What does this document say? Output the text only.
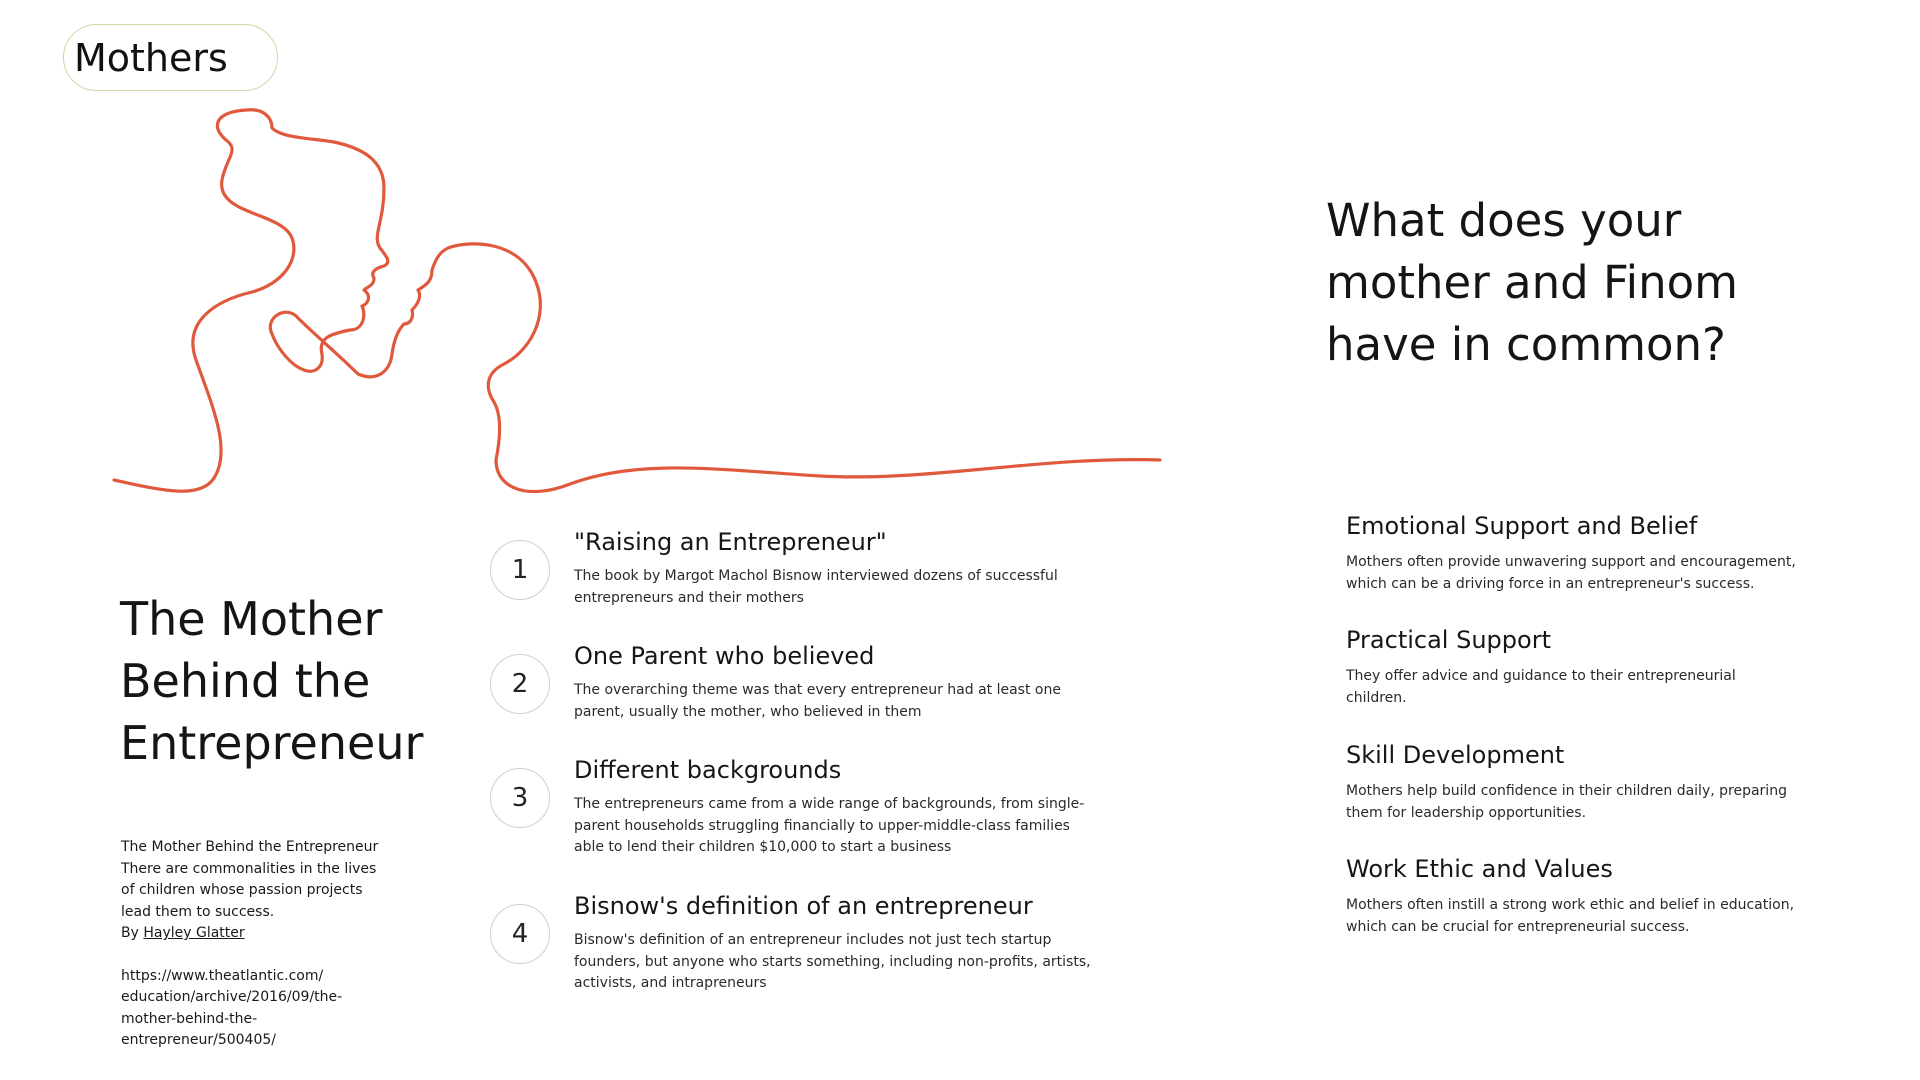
Mothers
What does your
mother and Finom
have in common?
The Mother
Behind the
Entrepreneur

The Mother Behind the Entrepreneur
There are commonalities in the lives
of children whose passion projects
lead them to success.
By Hayley Glatter

https://www.theatlantic.com/
education/archive/2016/09/the-
mother-behind-the-
entrepreneur/500405/

1
"Raising an Entrepreneur"

The book by Margot Machol Bisnow interviewed dozens of successful
entrepreneurs and their mothers

2
One Parent who believed

The overarching theme was that every entrepreneur had at least one
parent, usually the mother, who believed in them

3
Different backgrounds

The entrepreneurs came from a wide range of backgrounds, from single-
parent households struggling financially to upper-middle-class families
able to lend their children $10,000 to start a business

4
Bisnow's definition of an entrepreneur

Bisnow's definition of an entrepreneur includes not just tech startup
founders, but anyone who starts something, including non-profits, artists,
activists, and intrapreneurs

Emotional Support and Belief

Mothers often provide unwavering support and encouragement,
which can be a driving force in an entrepreneur's success.

Practical Support

They offer advice and guidance to their entrepreneurial
children.

Skill Development

Mothers help build confidence in their children daily, preparing
them for leadership opportunities.

Work Ethic and Values

Mothers often instill a strong work ethic and belief in education,
which can be crucial for entrepreneurial success.
